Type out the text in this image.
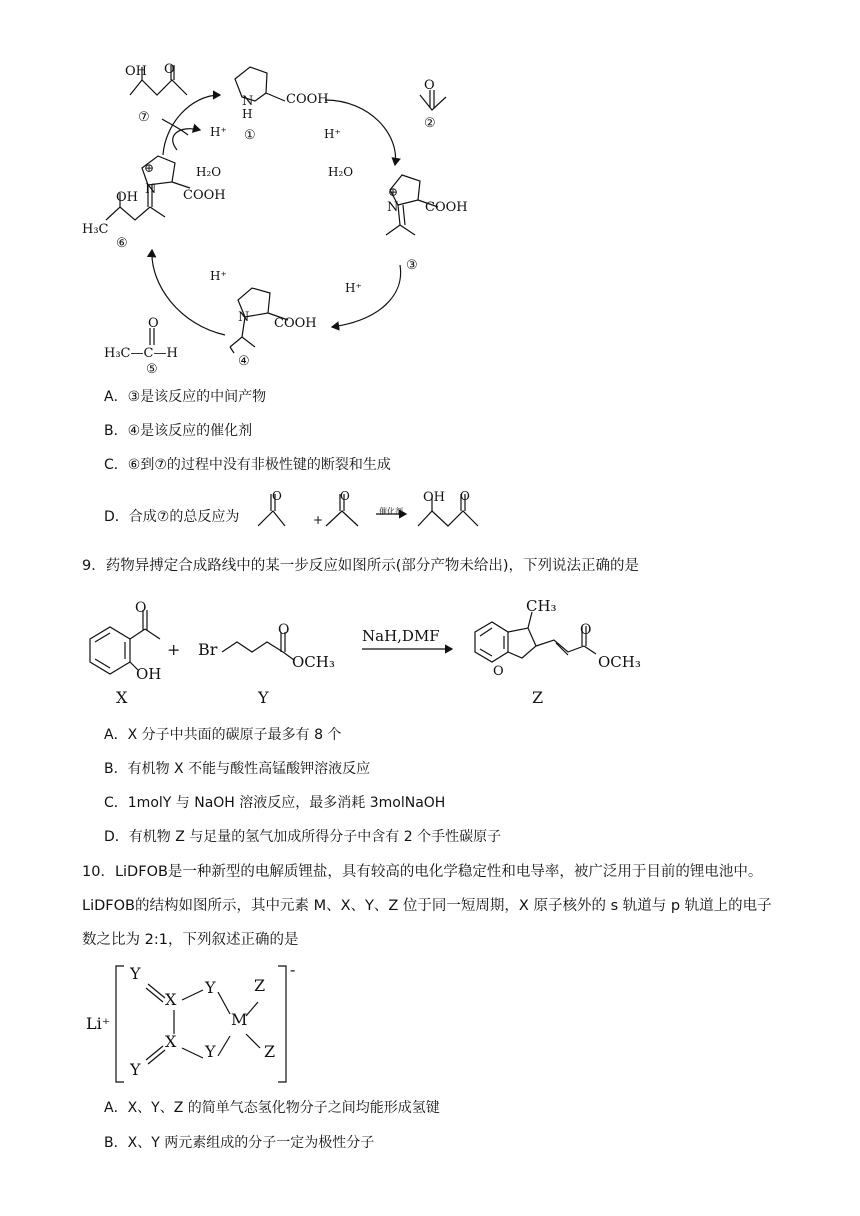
OH O
⑦
N
H
COOH
①
O
②
H⁺
H₂O
⊕
N COOH
③
H⁺
N COOH
④
H⁺
H₂O
⊕
N COOH
OH
H₃C
⑥
H⁺
O
H₃C—C—H
⑤
A．③是该反应的中间产物
B．④是该反应的催化剂
C．⑥到⑦的过程中没有非极性键的断裂和生成
D．合成⑦的总反应为
O
+
O
催化剂
OH O
9．药物异搏定合成路线中的某一步反应如图所示(部分产物未给出)，下列说法正确的是
O
OH
X
+ Br
O
OCH₃
Y
NaH,DMF
CH₃
O
O
OCH₃
Z
A．X 分子中共面的碳原子最多有 8 个
B．有机物 X 不能与酸性高锰酸钾溶液反应
C．1molY 与 NaOH 溶液反应，最多消耗 3molNaOH
D．有机物 Z 与足量的氢气加成所得分子中含有 2 个手性碳原子
10．LiDFOB是一种新型的电解质锂盐，具有较高的电化学稳定性和电导率，被广泛用于目前的锂电池中。
LiDFOB的结构如图所示，其中元素 M、X、Y、Z 位于同一短周期，X 原子核外的 s 轨道与 p 轨道上的电子
数之比为 2:1，下列叙述正确的是
Y
X
Y Z
M
Li⁺
X
Y	Z
Y
-
A．X、Y、Z 的简单气态氢化物分子之间均能形成氢键
B．X、Y 两元素组成的分子一定为极性分子
